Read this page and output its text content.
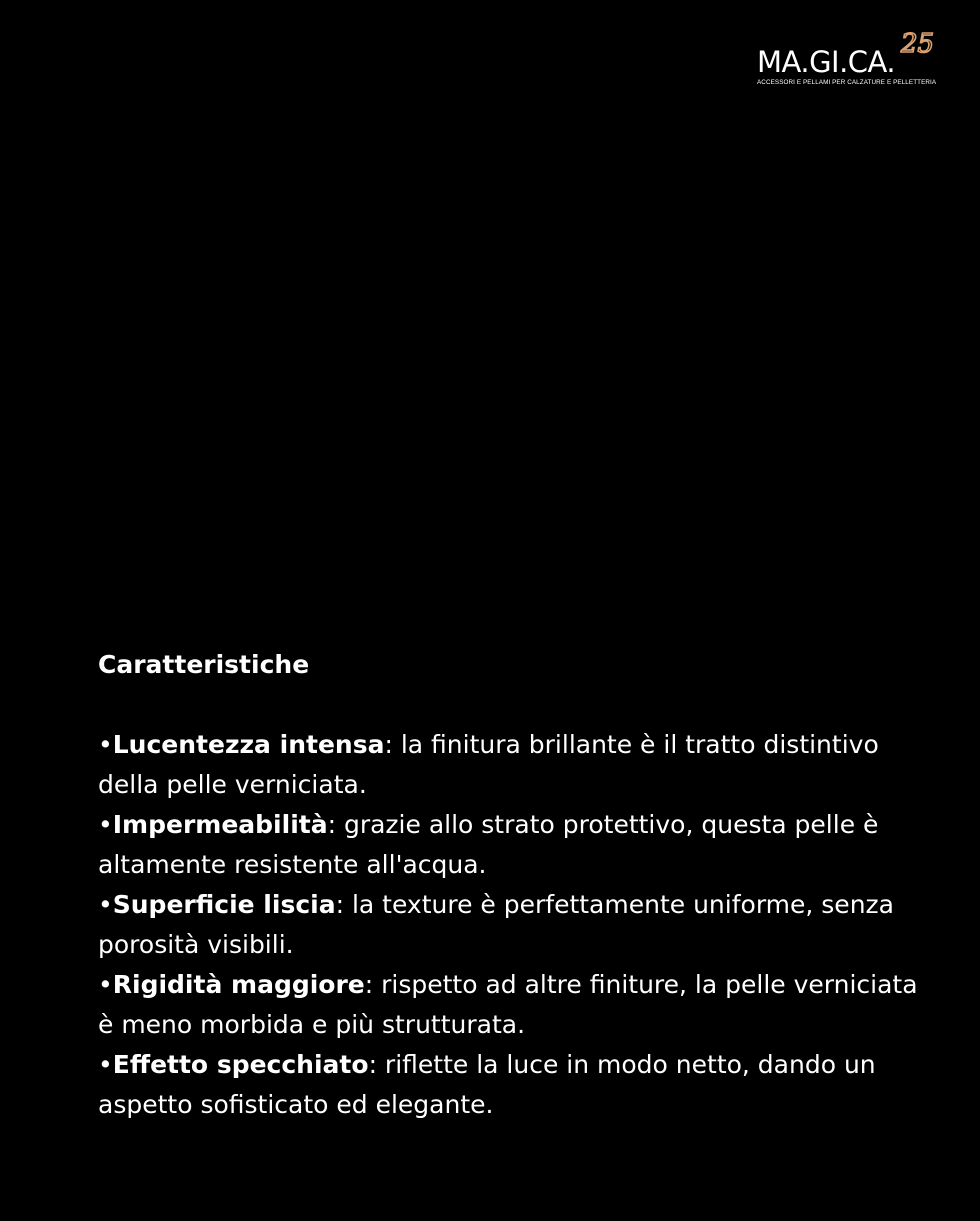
25
MA.GI.CA.
ACCESSORI E PELLAMI PER CALZATURE E PELLETTERIA

Caratteristiche

•Lucentezza intensa: la finitura brillante è il tratto distintivo della pelle verniciata.

•Impermeabilità: grazie allo strato protettivo, questa pelle è altamente resistente all'acqua.

•Superficie liscia: la texture è perfettamente uniforme, senza porosità visibili.

•Rigidità maggiore: rispetto ad altre finiture, la pelle verniciata è meno morbida e più strutturata.

•Effetto specchiato: riflette la luce in modo netto, dando un aspetto sofisticato ed elegante.
